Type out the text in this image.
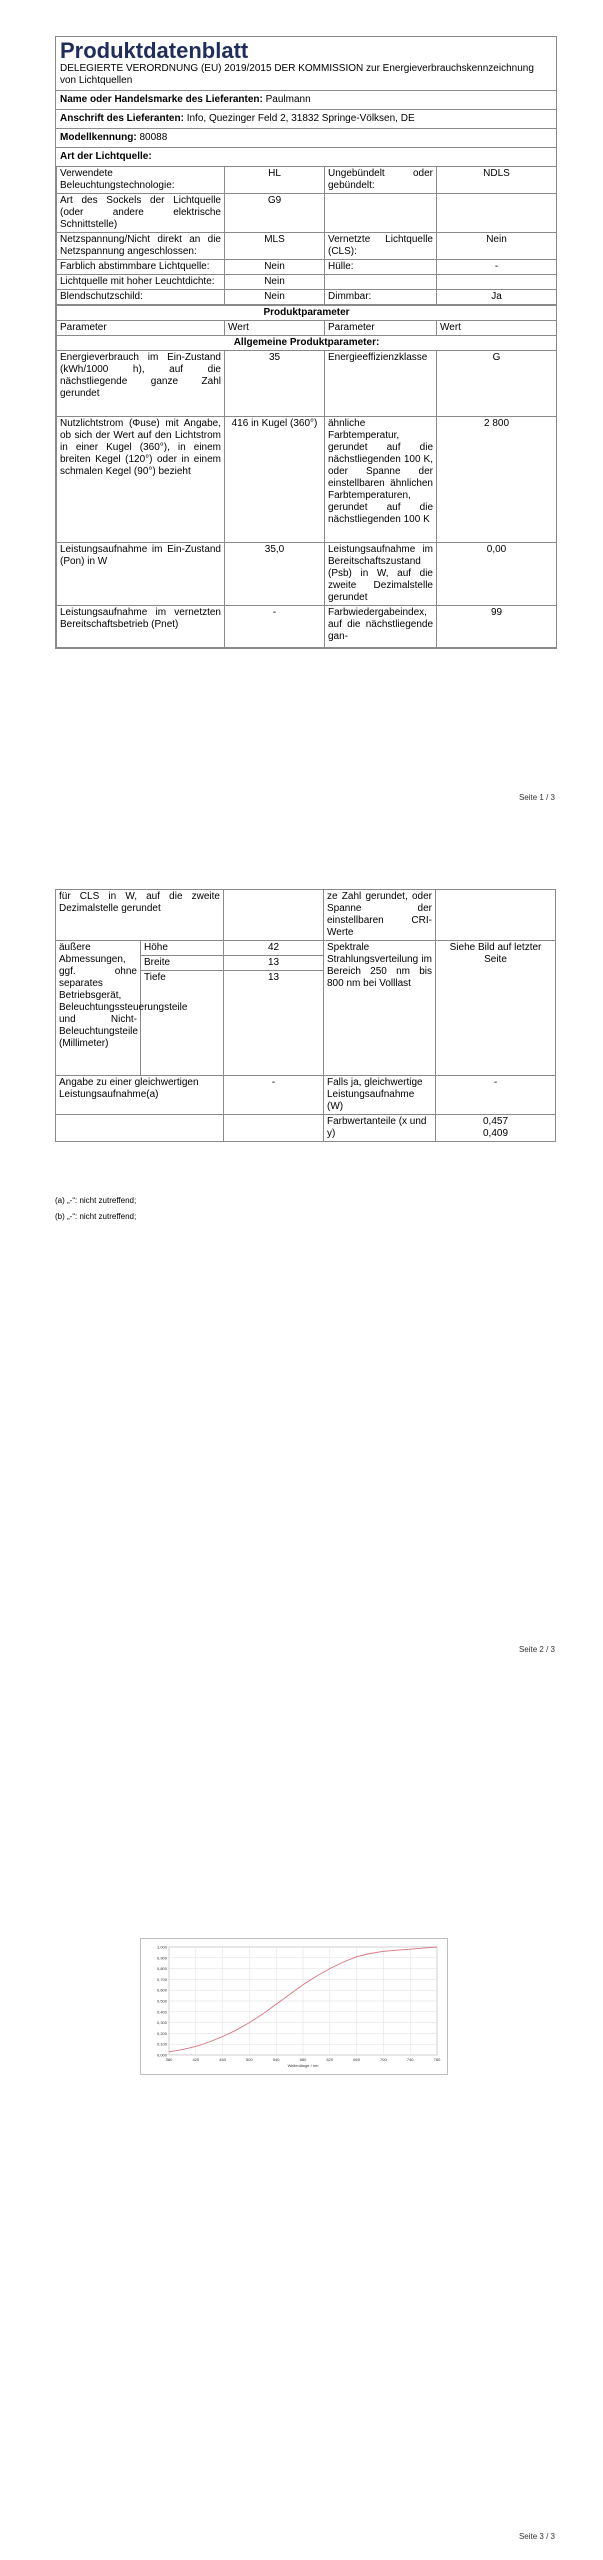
Produktdatenblatt
DELEGIERTE VERORDNUNG (EU) 2019/2015 DER KOMMISSION zur Energieverbrauchskennzeichnung von Lichtquellen
Name oder Handelsmarke des Lieferanten: Paulmann
Anschrift des Lieferanten: Info, Quezinger Feld 2, 31832 Springe-Völksen, DE
Modellkennung: 80088
Art der Lichtquelle:
Verwendete Beleuchtungstechnologie:	HL	Ungebündelt oder gebündelt:	NDLS
Art des Sockels der Lichtquelle (oder andere elektrische Schnittstelle)	G9		
Netzspannung/Nicht direkt an die Netzspannung angeschlossen:	MLS	Vernetzte Lichtquelle (CLS):	Nein
Farblich abstimmbare Lichtquelle:	Nein	Hülle:	-
Lichtquelle mit hoher Leuchtdichte:	Nein		
Blendschutzschild:	Nein	Dimmbar:	Ja
Produktparameter			
Parameter	Wert	Parameter	Wert
Allgemeine Produktparameter:			
Energieverbrauch im Ein-Zustand (kWh/1000 h), auf die nächstliegende ganze Zahl gerundet	35	Energieeffizienzklasse	G
Nutzlichtstrom (Φuse) mit Angabe, ob sich der Wert auf den Lichtstrom in einer Kugel (360°), in einem breiten Kegel (120°) oder in einem schmalen Kegel (90°) bezieht	416 in Kugel (360°)	ähnliche Farbtemperatur, gerundet auf die nächstliegenden 100 K, oder Spanne der einstellbaren ähnlichen Farbtemperaturen, gerundet auf die nächstliegenden 100 K	2 800
Leistungsaufnahme im Ein-Zustand (Pon) in W	35,0	Leistungsaufnahme im Bereitschaftszustand (Psb) in W, auf die zweite Dezimalstelle gerundet	0,00
Leistungsaufnahme im vernetzten Bereitschaftsbetrieb (Pnet)	-	Farbwiedergabeindex, auf die nächstliegende gan-	99
Seite 1 / 3
für CLS in W, auf die zweite Dezimalstelle gerundet			ze Zahl gerundet, oder Spanne der einstellbaren CRI-Werte	
äußere Abmessungen, ggf. ohne separates Betriebsgerät, Beleuchtungssteuerungsteile und Nicht-Beleuchtungsteile (Millimeter)	Höhe	42	Spektrale Strahlungsverteilung im Bereich 250 nm bis 800 nm bei Volllast	Siehe Bild auf letzter Seite
	Breite	13		
	Tiefe	13		
Angabe zu einer gleichwertigen Leistungsaufnahme(a)		-	Falls ja, gleichwertige Leistungsaufnahme (W)	-
			Farbwertanteile (x und y)	0,457
0,409
(a) „-“: nicht zutreffend;
(b) „-“: nicht zutreffend;
Seite 2 / 3
0,000
0,100
0,200
0,300
0,400
0,500
0,600
0,700
0,800
0,900
1,000
380	420	460	500	540	580	620	660	700	740	780
Wellenlänge / nm
Seite 3 / 3
